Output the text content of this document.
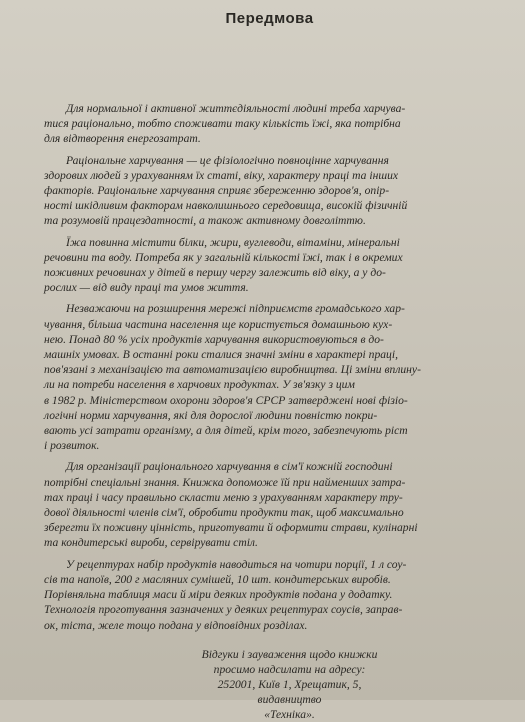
Передмова

Для нормальної і активної життєдіяльності людині треба харчува-
тися раціонально, тобто споживати таку кількість їжі, яка потрібна
для відтворення енергозатрат.

Раціональне харчування — це фізіологічно повноцінне харчування
здорових людей з урахуванням їх статі, віку, характеру праці та інших
факторів. Раціональне харчування сприяє збереженню здоров'я, опір-
ності шкідливим факторам навколишнього середовища, високій фізичній
та розумовій працездатності, а також активному довголіттю.

Їжа повинна містити білки, жири, вуглеводи, вітаміни, мінеральні
речовини та воду. Потреба як у загальній кількості їжі, так і в окремих
поживних речовинах у дітей в першу чергу залежить від віку, а у до-
рослих — від виду праці та умов життя.

Незважаючи на розширення мережі підприємств громадського хар-
чування, більша частина населення ще користується домашньою кух-
нею. Понад 80 % усіх продуктів харчування використовуються в до-
машніх умовах. В останні роки сталися значні зміни в характері праці,
пов'язані з механізацією та автоматизацією виробництва. Ці зміни вплину-
ли на потреби населення в харчових продуктах. У зв'язку з цим
в 1982 р. Міністерством охорони здоров'я СРСР затверджені нові фізіо-
логічні норми харчування, які для дорослої людини повністю покри-
вають усі затрати організму, а для дітей, крім того, забезпечують ріст
і розвиток.

Для організації раціонального харчування в сім'ї кожній господині
потрібні спеціальні знання. Книжка допоможе їй при найменших затра-
тах праці і часу правильно скласти меню з урахуванням характеру тру-
дової діяльності членів сім'ї, обробити продукти так, щоб максимально
зберегти їх поживну цінність, приготувати й оформити страви, кулінарні
та кондитерські вироби, сервірувати стіл.

У рецептурах набір продуктів наводиться на чотири порції, 1 л соу-
сів та напоїв, 200 г масляних сумішей, 10 шт. кондитерських виробів.
Порівняльна таблиця маси й міри деяких продуктів подана у додатку.
Технологія проготування зазначених у деяких рецептурах соусів, заправ-
ок, тіста, желе тощо подана у відповідних розділах.

Відгуки і зауваження щодо книжки
просимо надсилати на адресу:
252001, Київ 1, Хрещатик, 5,
видавництво
«Техніка».
